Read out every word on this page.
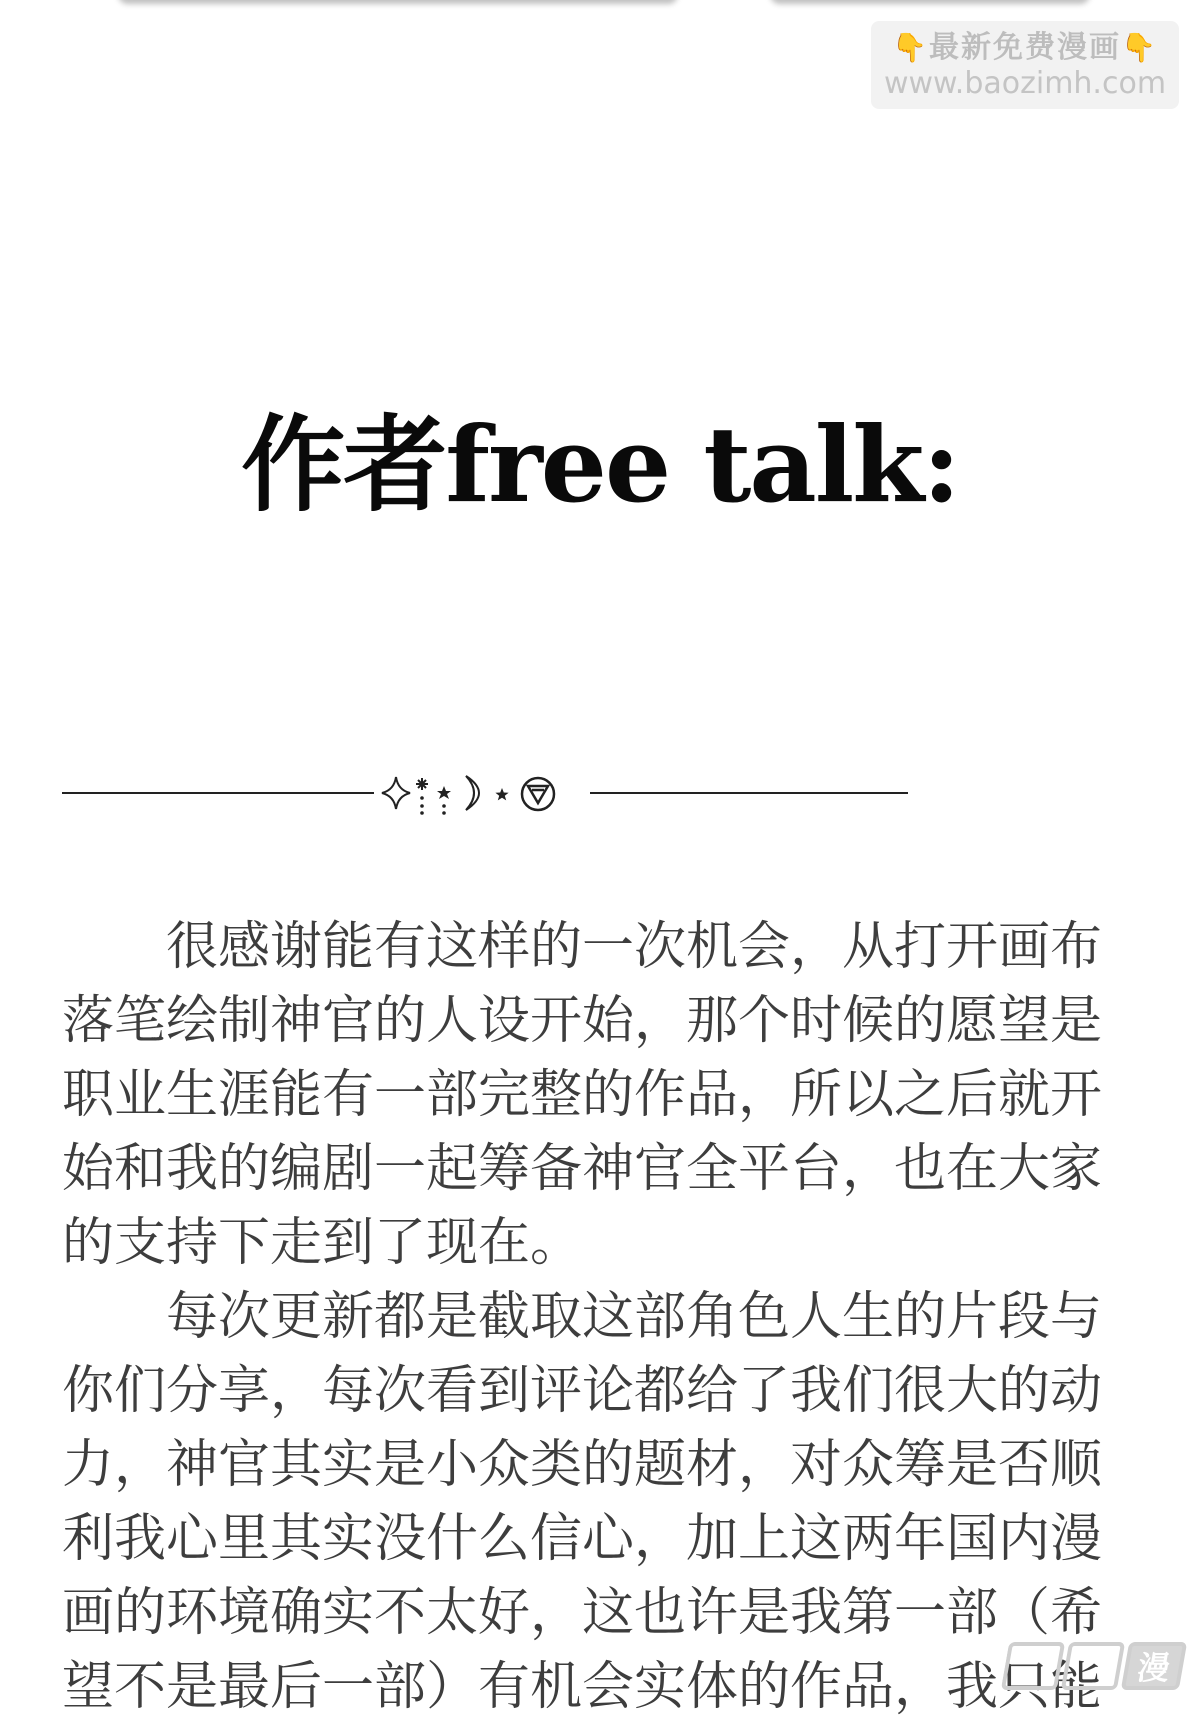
👇最新免费漫画👇
www.baozimh.com
作者free talk:

很感谢能有这样的一次机会，从打开画布
落笔绘制神官的人设开始，那个时候的愿望是
职业生涯能有一部完整的作品，所以之后就开
始和我的编剧一起筹备神官全平台，也在大家
的支持下走到了现在。

每次更新都是截取这部角色人生的片段与
你们分享，每次看到评论都给了我们很大的动
力，神官其实是小众类的题材，对众筹是否顺
利我心里其实没什么信心，加上这两年国内漫
画的环境确实不太好，这也许是我第一部（希
望不是最后一部）有机会实体的作品，我只能	漫
